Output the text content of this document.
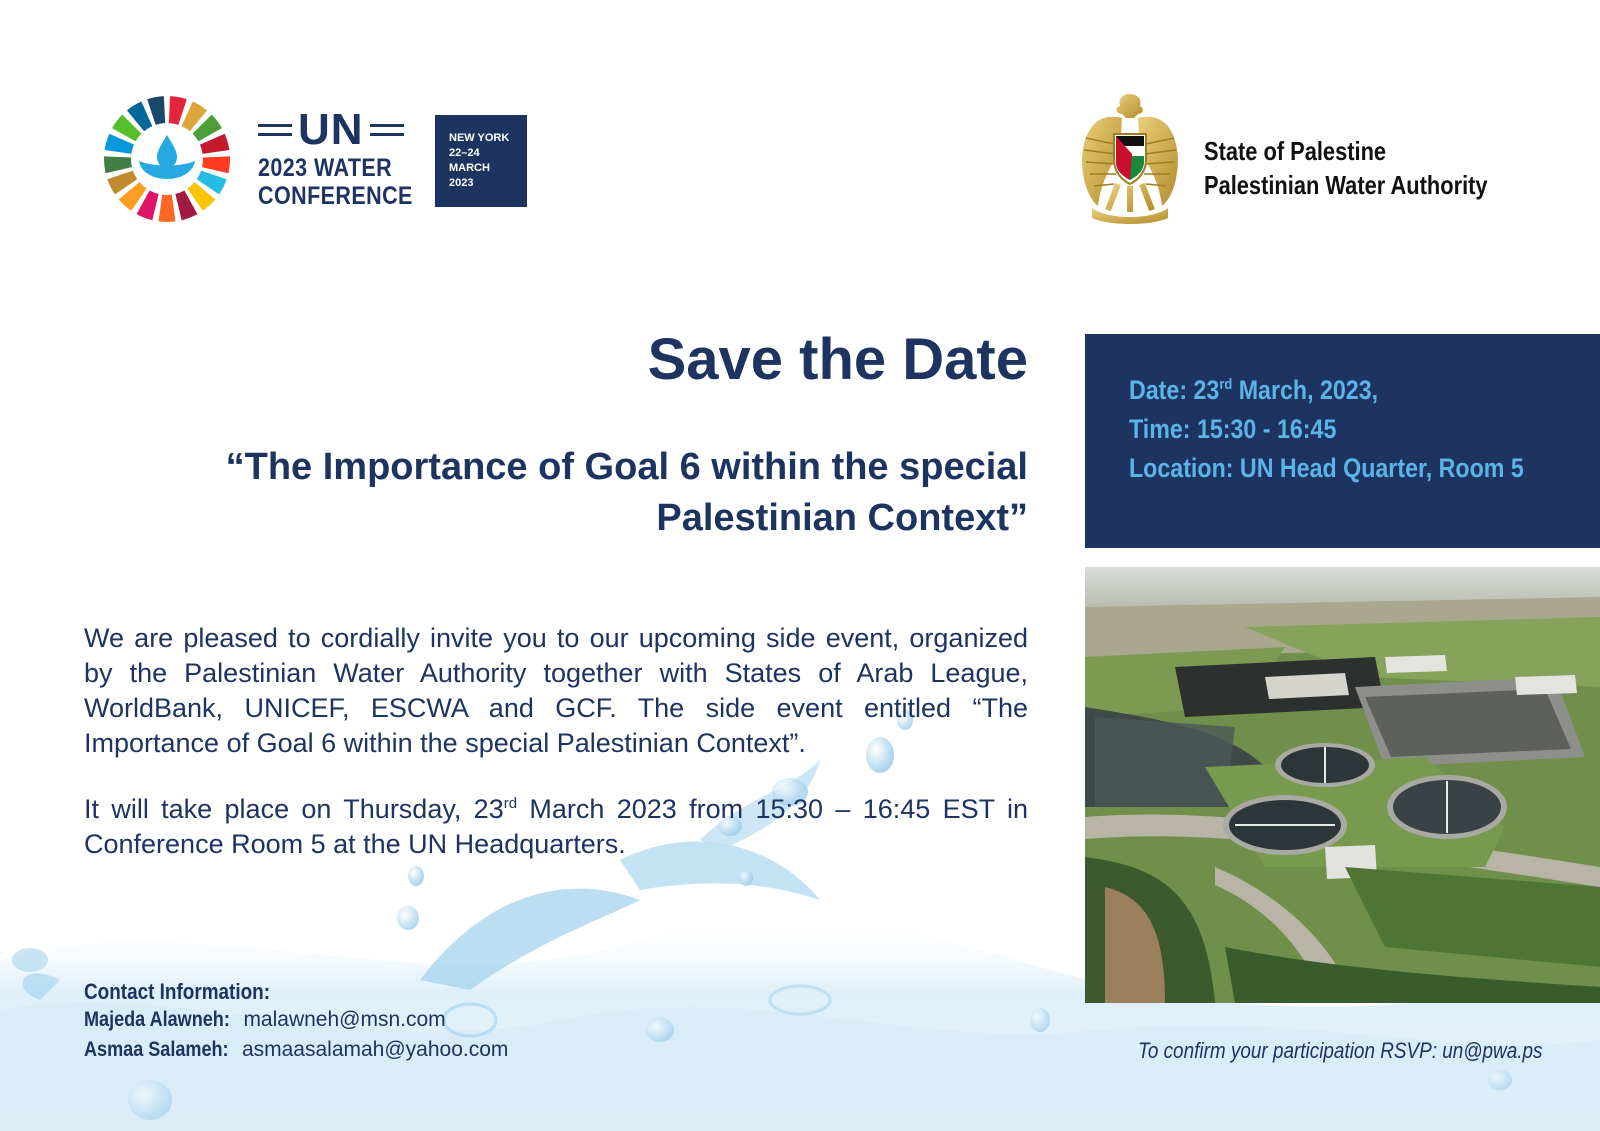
UN
2023 WATER
CONFERENCE
NEW YORK
22–24
MARCH
2023
State of Palestine
Palestinian Water Authority
Save the Date
“The Importance of Goal 6 within the special Palestinian Context”
Date: 23rd March, 2023,
Time: 15:30 - 16:45
Location: UN Head Quarter, Room 5
We are pleased to cordially invite you to our upcoming side event, organized by the Palestinian Water Authority together with States of Arab League, WorldBank, UNICEF, ESCWA and GCF. The side event entitled “The Importance of Goal 6 within the special Palestinian Context”.
It will take place on Thursday, 23rd March 2023 from 15:30 – 16:45 EST in Conference Room 5 at the UN Headquarters.
Contact Information:
Majeda Alawneh: malawneh@msn.com
Asmaa Salameh: asmaasalamah@yahoo.com	To confirm your participation RSVP: un@pwa.ps
